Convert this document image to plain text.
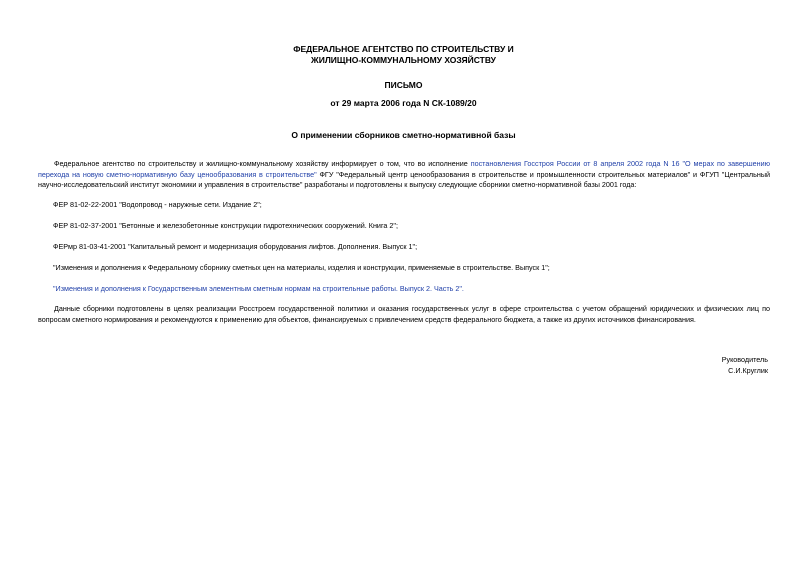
ФЕДЕРАЛЬНОЕ АГЕНТСТВО ПО СТРОИТЕЛЬСТВУ И
ЖИЛИЩНО-КОММУНАЛЬНОМУ ХОЗЯЙСТВУ
ПИСЬМО
от 29 марта 2006 года N СК-1089/20
О применении сборников сметно-нормативной базы
Федеральное агентство по строительству и жилищно-коммунальному хозяйству информирует о том, что во исполнение постановления Госстроя России от 8 апреля 2002 года N 16 "О мерах по завершению перехода на новую сметно-нормативную базу ценообразования в строительстве" ФГУ "Федеральный центр ценообразования в строительстве и промышленности строительных материалов" и ФГУП "Центральный научно-исследовательский институт экономики и управления в строительстве" разработаны и подготовлены к выпуску следующие сборники сметно-нормативной базы 2001 года:
ФЕР 81-02-22-2001 "Водопровод - наружные сети. Издание 2";
ФЕР 81-02-37-2001 "Бетонные и железобетонные конструкции гидротехнических сооружений. Книга 2";
ФЕРмр 81-03-41-2001 "Капитальный ремонт и модернизация оборудования лифтов. Дополнения. Выпуск 1";
"Изменения и дополнения к Федеральному сборнику сметных цен на материалы, изделия и конструкции, применяемые в строительстве. Выпуск 1";
"Изменения и дополнения к Государственным элементным сметным нормам на строительные работы. Выпуск 2. Часть 2".
Данные сборники подготовлены в целях реализации Росстроем государственной политики и оказания государственных услуг в сфере строительства с учетом обращений юридических и физических лиц по вопросам сметного нормирования и рекомендуются к применению для объектов, финансируемых с привлечением средств федерального бюджета, а также из других источников финансирования.
Руководитель
С.И.Круглик
